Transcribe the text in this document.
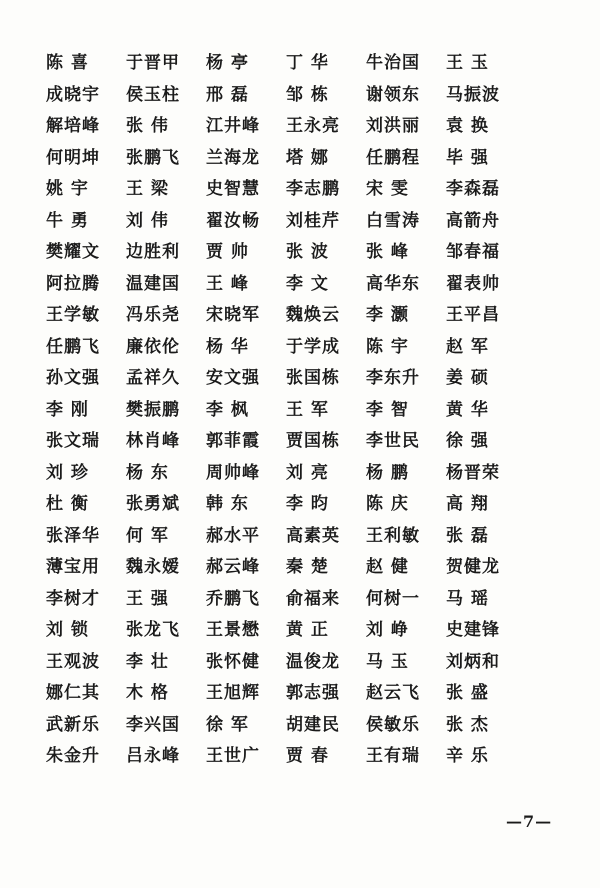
陈 喜	于晋甲	杨 亭	丁 华	牛治国	王 玉
成晓宇	侯玉柱	邢 磊	邹 栋	谢领东	马振波
解培峰	张 伟	江井峰	王永亮	刘洪丽	袁 换
何明坤	张鹏飞	兰海龙	塔 娜	任鹏程	毕 强
姚 宇	王 梁	史智慧	李志鹏	宋 雯	李森磊
牛 勇	刘 伟	翟汝畅	刘桂芹	白雪涛	高箭舟
樊耀文	边胜利	贾 帅	张 波	张 峰	邹春福
阿拉腾	温建国	王 峰	李 文	高华东	翟表帅
王学敏	冯乐尧	宋晓军	魏焕云	李 灏	王平昌
任鹏飞	廉依伦	杨 华	于学成	陈 宇	赵 军
孙文强	孟祥久	安文强	张国栋	李东升	姜 硕
李 刚	樊振鹏	李 枫	王 军	李 智	黄 华
张文瑞	林肖峰	郭菲霞	贾国栋	李世民	徐 强
刘 珍	杨 东	周帅峰	刘 亮	杨 鹏	杨晋荣
杜 衡	张勇斌	韩 东	李 昀	陈 庆	高 翔
张泽华	何 军	郝水平	高素英	王利敏	张 磊
薄宝用	魏永嫒	郝云峰	秦 楚	赵 健	贺健龙
李树才	王 强	乔鹏飞	俞福来	何树一	马 瑶
刘 锁	张龙飞	王景懋	黄 正	刘 峥	史建锋
王观波	李 壮	张怀健	温俊龙	马 玉	刘炳和
娜仁其	木 格	王旭辉	郭志强	赵云飞	张 盛
武新乐	李兴国	徐 军	胡建民	侯敏乐	张 杰
朱金升	吕永峰	王世广	贾 春	王有瑞	辛 乐
—7—
